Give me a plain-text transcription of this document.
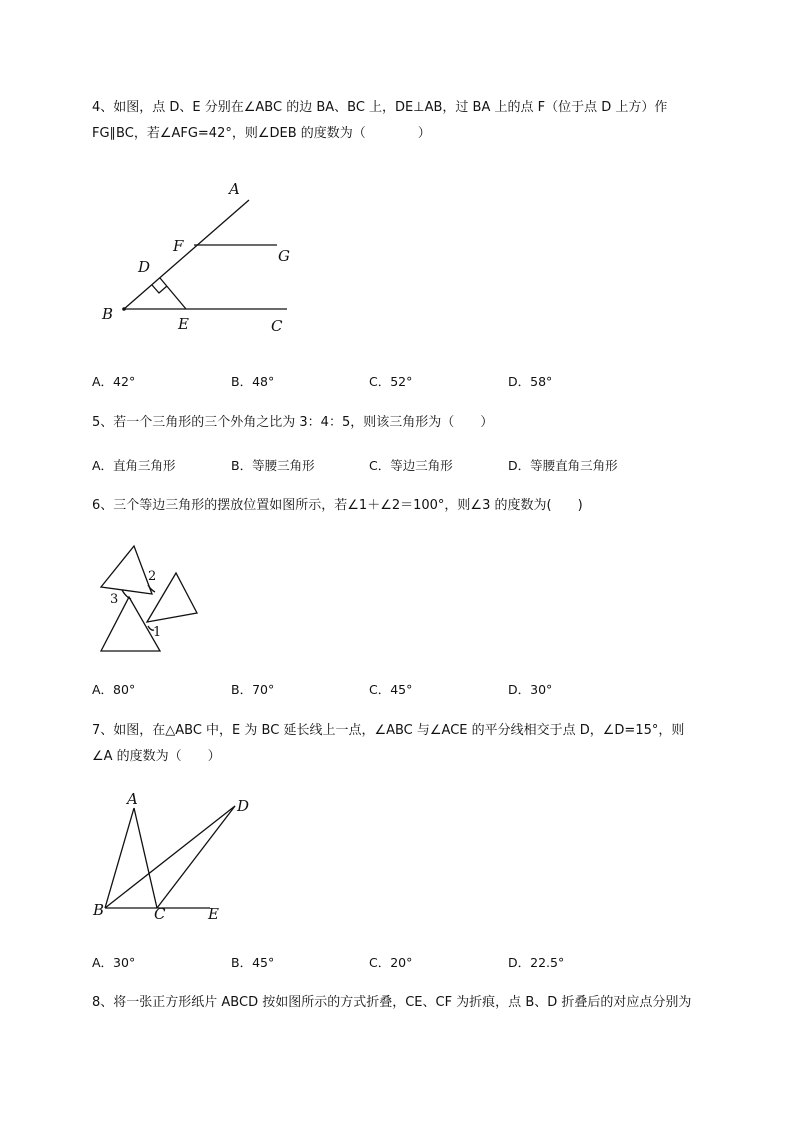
4、如图，点 D、E 分别在∠ABC 的边 BA、BC 上，DE⊥AB，过 BA 上的点 F（位于点 D 上方）作
FG∥BC，若∠AFG=42°，则∠DEB 的度数为（　　　　）
A
F
G
D
B
E	C
A．42°	B．48°	C．52°	D．58°
5、若一个三角形的三个外角之比为 3：4：5，则该三角形为（　　）
A．直角三角形	B．等腰三角形	C．等边三角形	D．等腰直角三角形
6、三个等边三角形的摆放位置如图所示，若∠1＋∠2＝100°，则∠3 的度数为(　　)
2
3
1
A．80°	B．70°	C．45°	D．30°
7、如图，在△ABC 中，E 为 BC 延长线上一点，∠ABC 与∠ACE 的平分线相交于点 D，∠D=15°，则
∠A 的度数为（　　）
A	D
B	C	E
A．30°	B．45°	C．20°	D．22.5°
8、将一张正方形纸片 ABCD 按如图所示的方式折叠，CE、CF 为折痕，点 B、D 折叠后的对应点分别为
